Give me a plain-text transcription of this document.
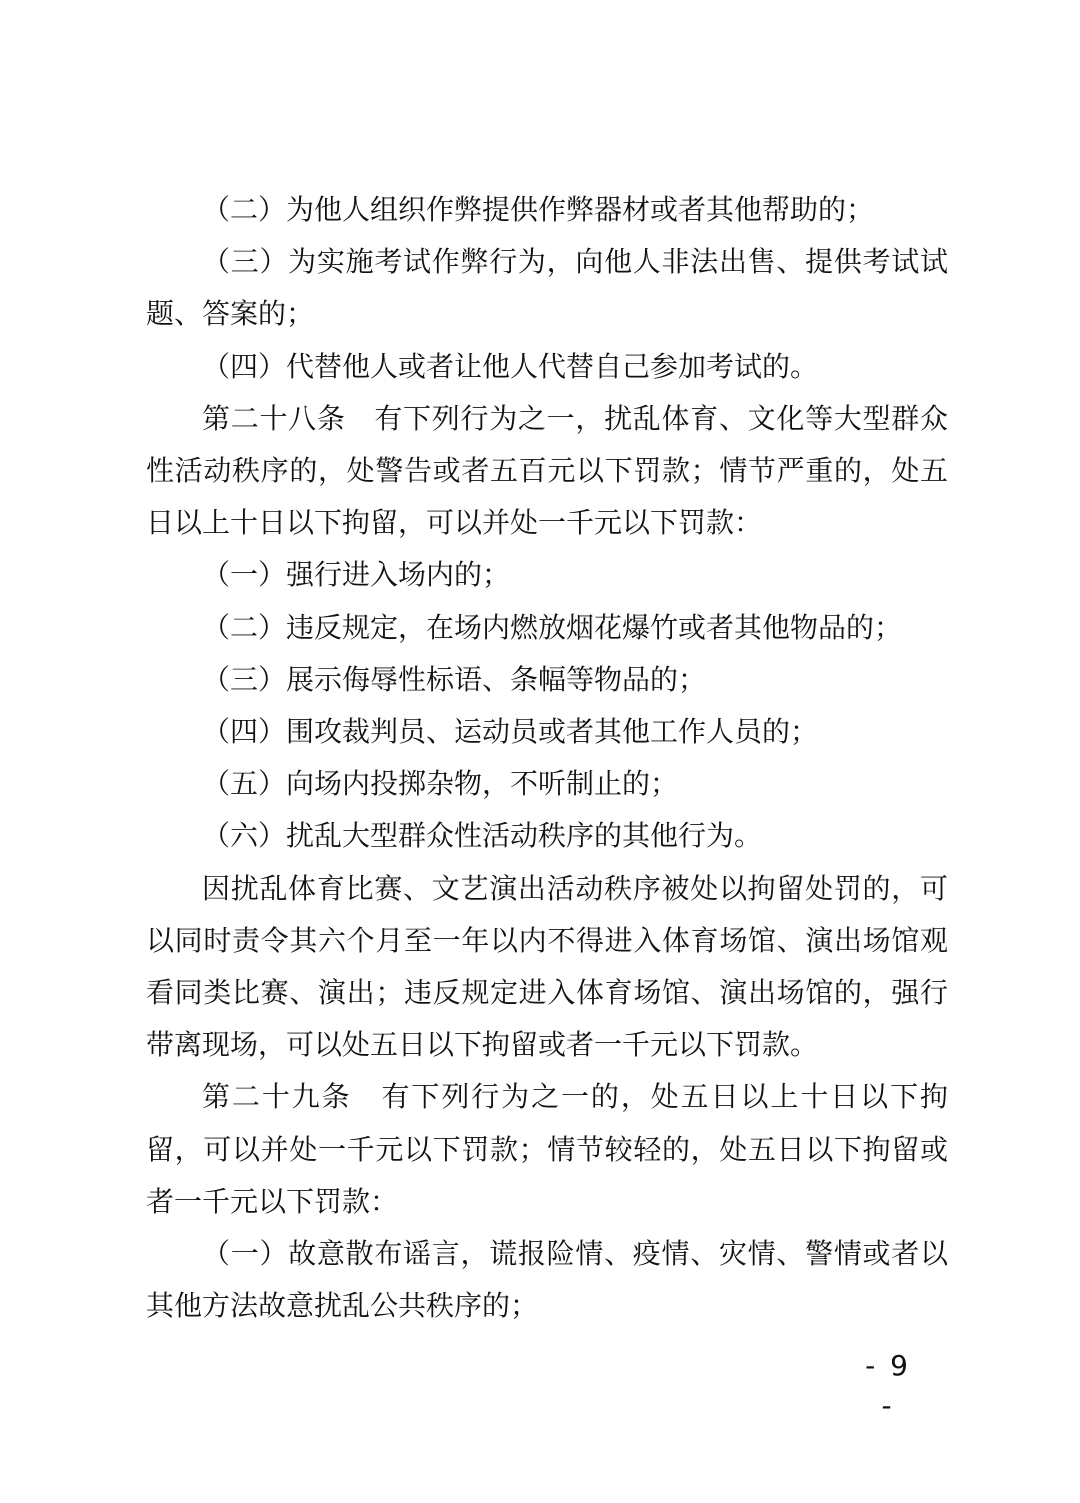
（二）为他人组织作弊提供作弊器材或者其他帮助的；

（三）为实施考试作弊行为，向他人非法出售、提供考试试题、答案的；

（四）代替他人或者让他人代替自己参加考试的。

第二十八条　有下列行为之一，扰乱体育、文化等大型群众性活动秩序的，处警告或者五百元以下罚款；情节严重的，处五日以上十日以下拘留，可以并处一千元以下罚款：

（一）强行进入场内的；

（二）违反规定，在场内燃放烟花爆竹或者其他物品的；

（三）展示侮辱性标语、条幅等物品的；

（四）围攻裁判员、运动员或者其他工作人员的；

（五）向场内投掷杂物，不听制止的；

（六）扰乱大型群众性活动秩序的其他行为。

因扰乱体育比赛、文艺演出活动秩序被处以拘留处罚的，可以同时责令其六个月至一年以内不得进入体育场馆、演出场馆观看同类比赛、演出；违反规定进入体育场馆、演出场馆的，强行带离现场，可以处五日以下拘留或者一千元以下罚款。

第二十九条　有下列行为之一的，处五日以上十日以下拘留，可以并处一千元以下罚款；情节较轻的，处五日以下拘留或者一千元以下罚款：

（一）故意散布谣言，谎报险情、疫情、灾情、警情或者以其他方法故意扰乱公共秩序的；

- 9 -
